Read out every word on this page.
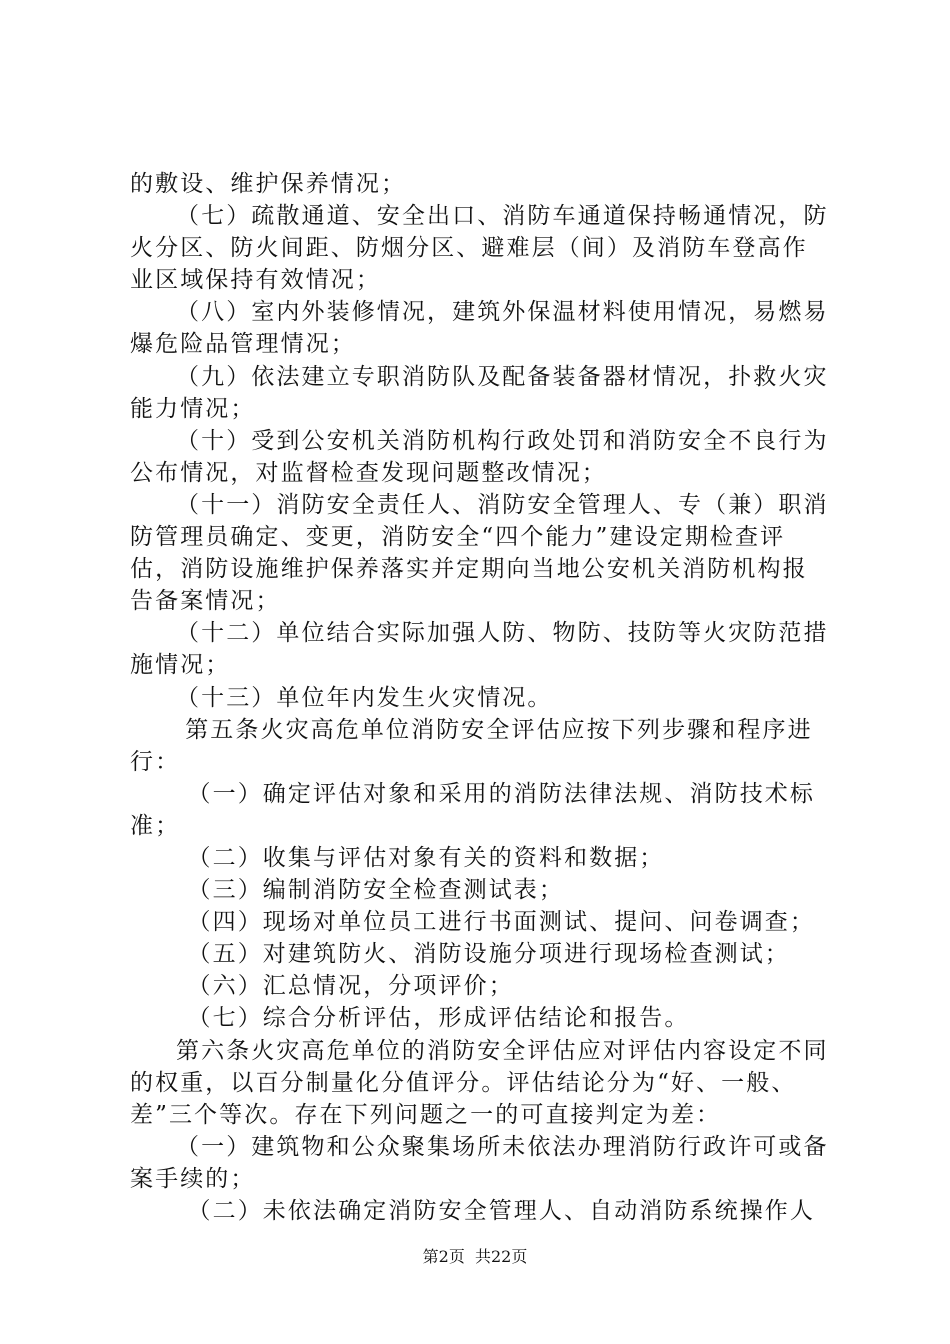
的敷设、维护保养情况；

（七）疏散通道、安全出口、消防车通道保持畅通情况，防火分区、防火间距、防烟分区、避难层（间）及消防车登高作业区域保持有效情况；

（八）室内外装修情况，建筑外保温材料使用情况，易燃易爆危险品管理情况；

（九）依法建立专职消防队及配备装备器材情况，扑救火灾能力情况；

（十）受到公安机关消防机构行政处罚和消防安全不良行为公布情况，对监督检查发现问题整改情况；

（十一）消防安全责任人、消防安全管理人、专（兼）职消防管理员确定、变更，消防安全“四个能力”建设定期检查评估，消防设施维护保养落实并定期向当地公安机关消防机构报告备案情况；

（十二）单位结合实际加强人防、物防、技防等火灾防范措施情况；

（十三）单位年内发生火灾情况。

第五条火灾高危单位消防安全评估应按下列步骤和程序进行：

（一）确定评估对象和采用的消防法律法规、消防技术标准；

（二）收集与评估对象有关的资料和数据；

（三）编制消防安全检查测试表；

（四）现场对单位员工进行书面测试、提问、问卷调查；

（五）对建筑防火、消防设施分项进行现场检查测试；

（六）汇总情况，分项评价；

（七）综合分析评估，形成评估结论和报告。

第六条火灾高危单位的消防安全评估应对评估内容设定不同的权重，以百分制量化分值评分。评估结论分为“好、一般、差”三个等次。存在下列问题之一的可直接判定为差：

（一）建筑物和公众聚集场所未依法办理消防行政许可或备案手续的；

（二）未依法确定消防安全管理人、自动消防系统操作人

第2页  共22页
